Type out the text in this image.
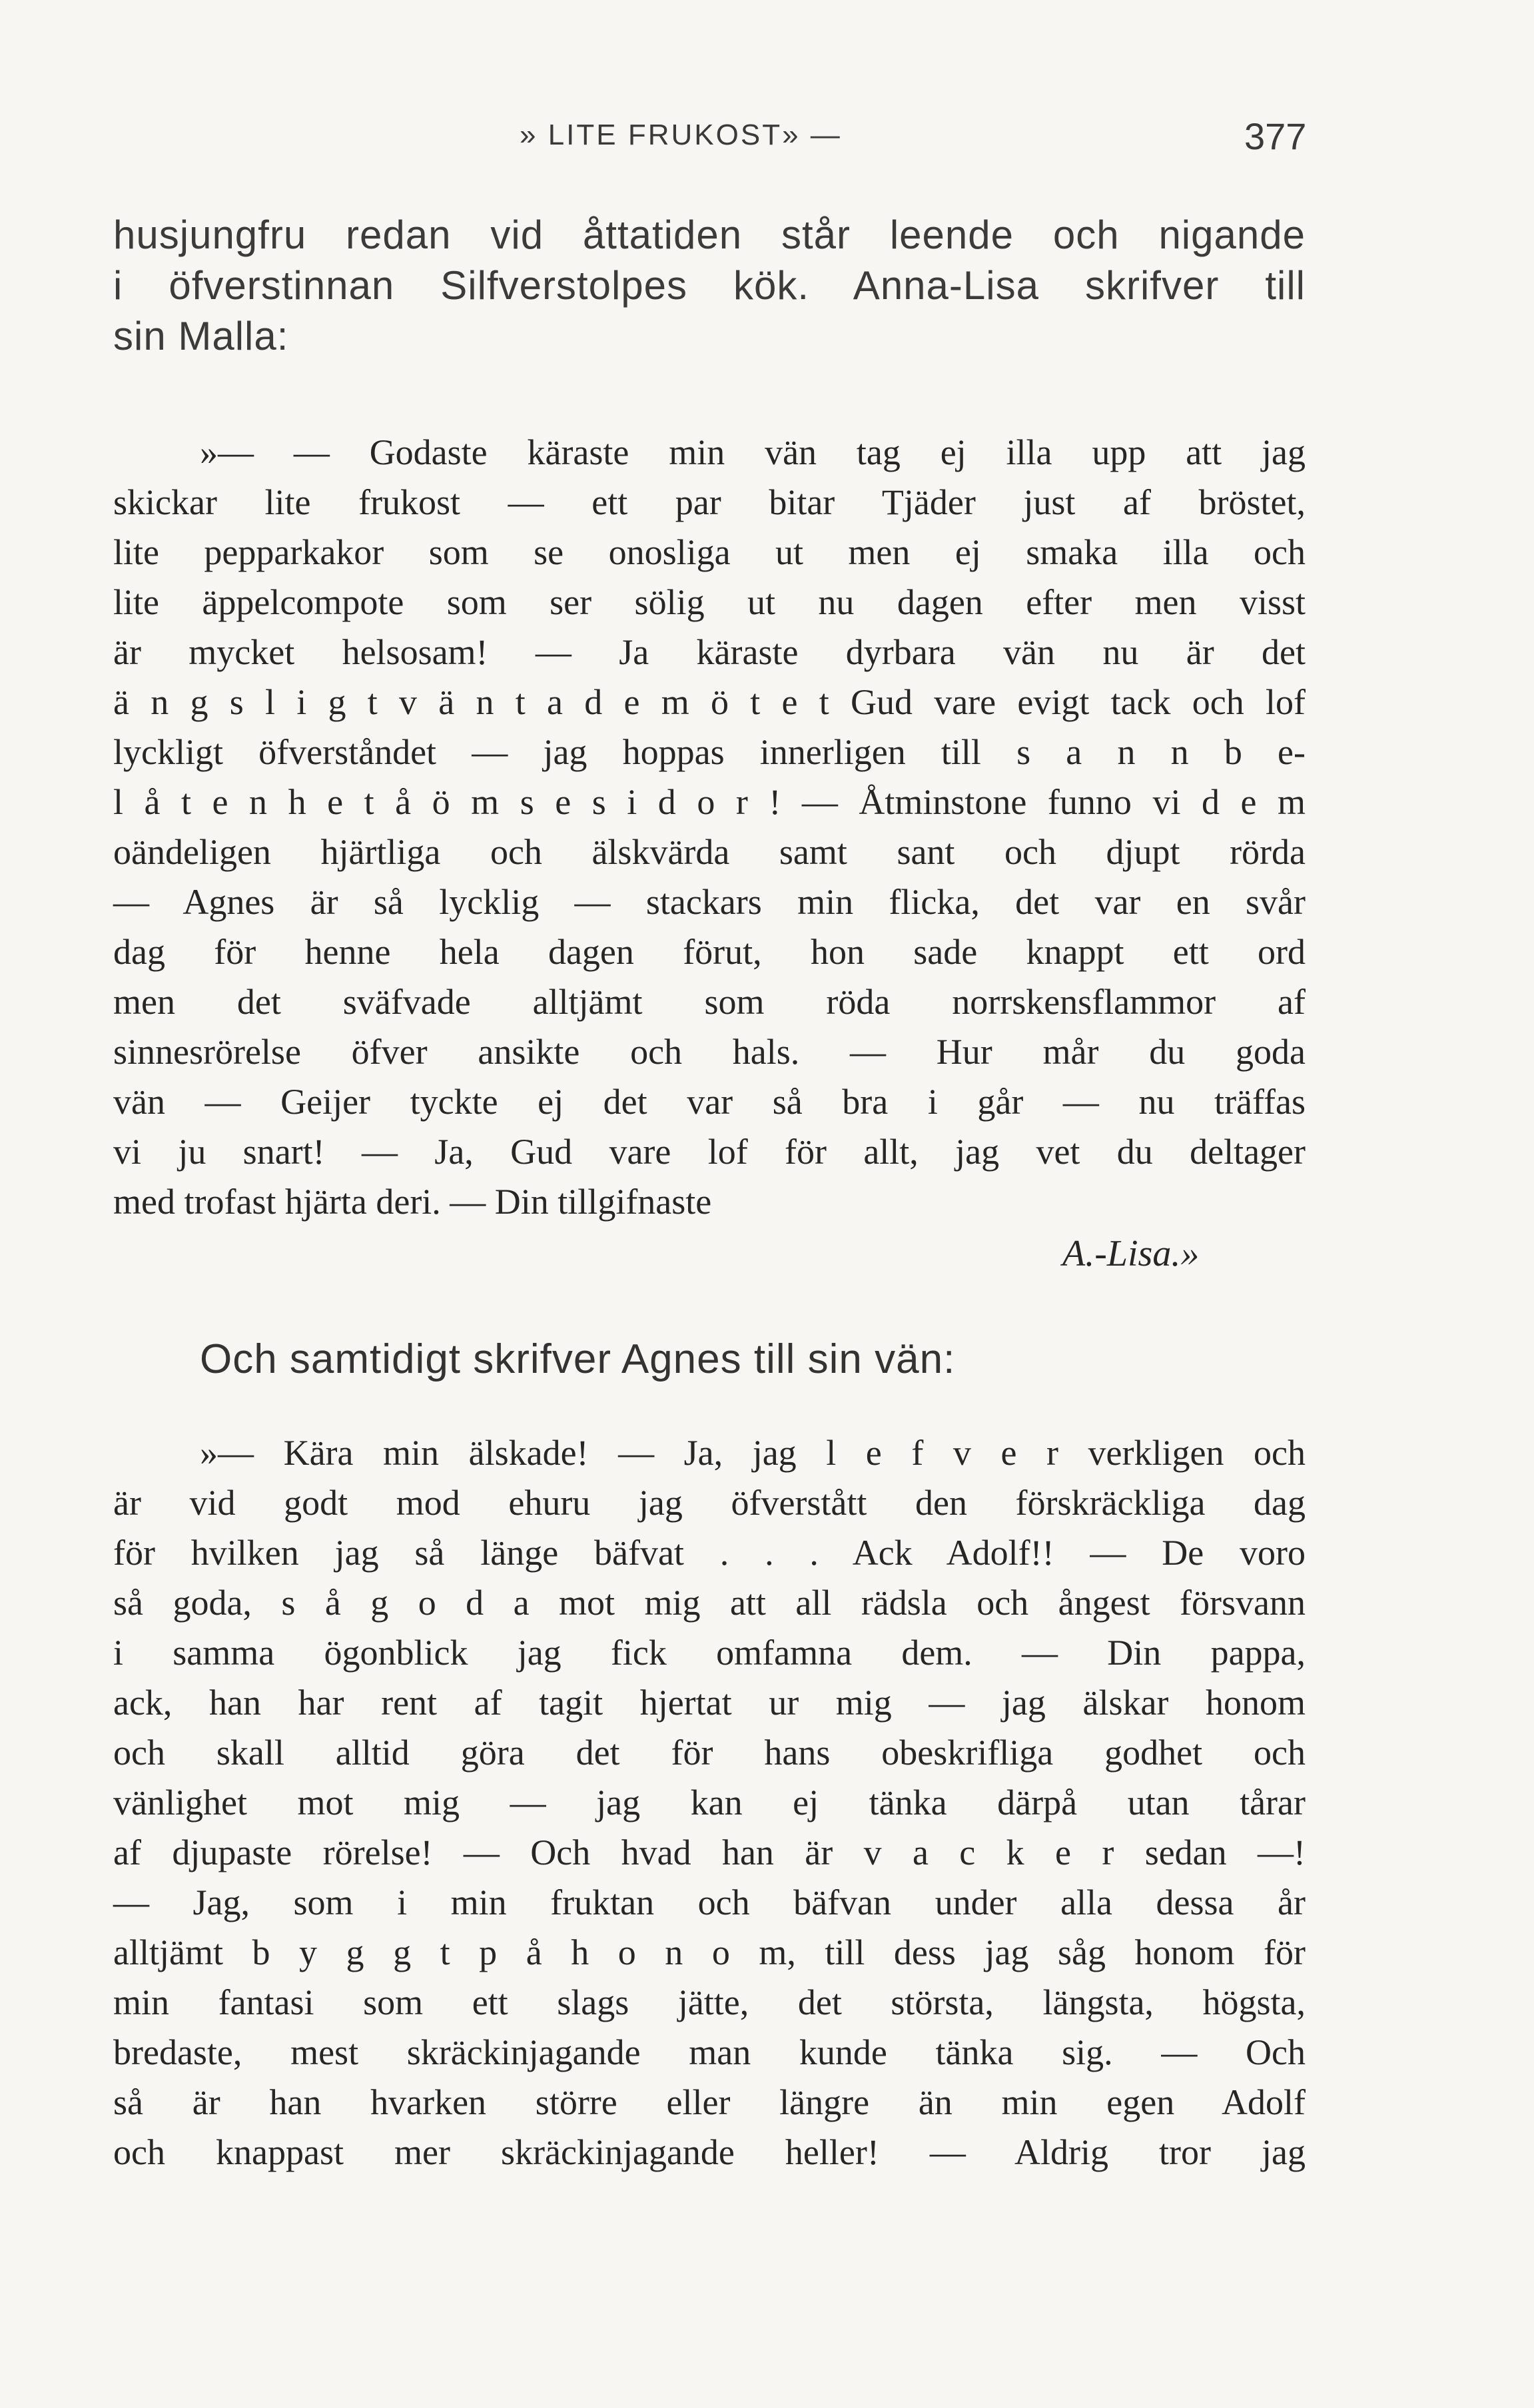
» LITE FRUKOST» —	377
husjungfru redan vid åttatiden står leende och nigande
i öfverstinnan Silfverstolpes kök. Anna-Lisa skrifver till
sin Malla:
»— — Godaste käraste min vän tag ej illa upp att jag
skickar lite frukost — ett par bitar Tjäder just af bröstet,
lite pepparkakor som se onosliga ut men ej smaka illa och
lite äppelcompote som ser sölig ut nu dagen efter men visst
är mycket helsosam! — Ja käraste dyrbara vän nu är det
ä n g s l i g t v ä n t a d e m ö t e t Gud vare evigt tack och lof
lyckligt öfverståndet — jag hoppas innerligen till s a n n b e-
l å t e n h e t å ö m s e s i d o r ! — Åtminstone funno vi d e m
oändeligen hjärtliga och älskvärda samt sant och djupt rörda
— Agnes är så lycklig — stackars min flicka, det var en svår
dag för henne hela dagen förut, hon sade knappt ett ord
men det sväfvade alltjämt som röda norrskensflammor af
sinnesrörelse öfver ansikte och hals. — Hur mår du goda
vän — Geijer tyckte ej det var så bra i går — nu träffas
vi ju snart! — Ja, Gud vare lof för allt, jag vet du deltager
med trofast hjärta deri. — Din tillgifnaste
A.-Lisa.»
Och samtidigt skrifver Agnes till sin vän:
»— Kära min älskade! — Ja, jag l e f v e r verkligen och
är vid godt mod ehuru jag öfverstått den förskräckliga dag
för hvilken jag så länge bäfvat . . . Ack Adolf!! — De voro
så goda, s å g o d a mot mig att all rädsla och ångest försvann
i samma ögonblick jag fick omfamna dem. — Din pappa,
ack, han har rent af tagit hjertat ur mig — jag älskar honom
och skall alltid göra det för hans obeskrifliga godhet och
vänlighet mot mig — jag kan ej tänka därpå utan tårar
af djupaste rörelse! — Och hvad han är v a c k e r sedan —!
— Jag, som i min fruktan och bäfvan under alla dessa år
alltjämt b y g g t p å h o n o m, till dess jag såg honom för
min fantasi som ett slags jätte, det största, längsta, högsta,
bredaste, mest skräckinjagande man kunde tänka sig. — Och
så är han hvarken större eller längre än min egen Adolf
och knappast mer skräckinjagande heller! — Aldrig tror jag
